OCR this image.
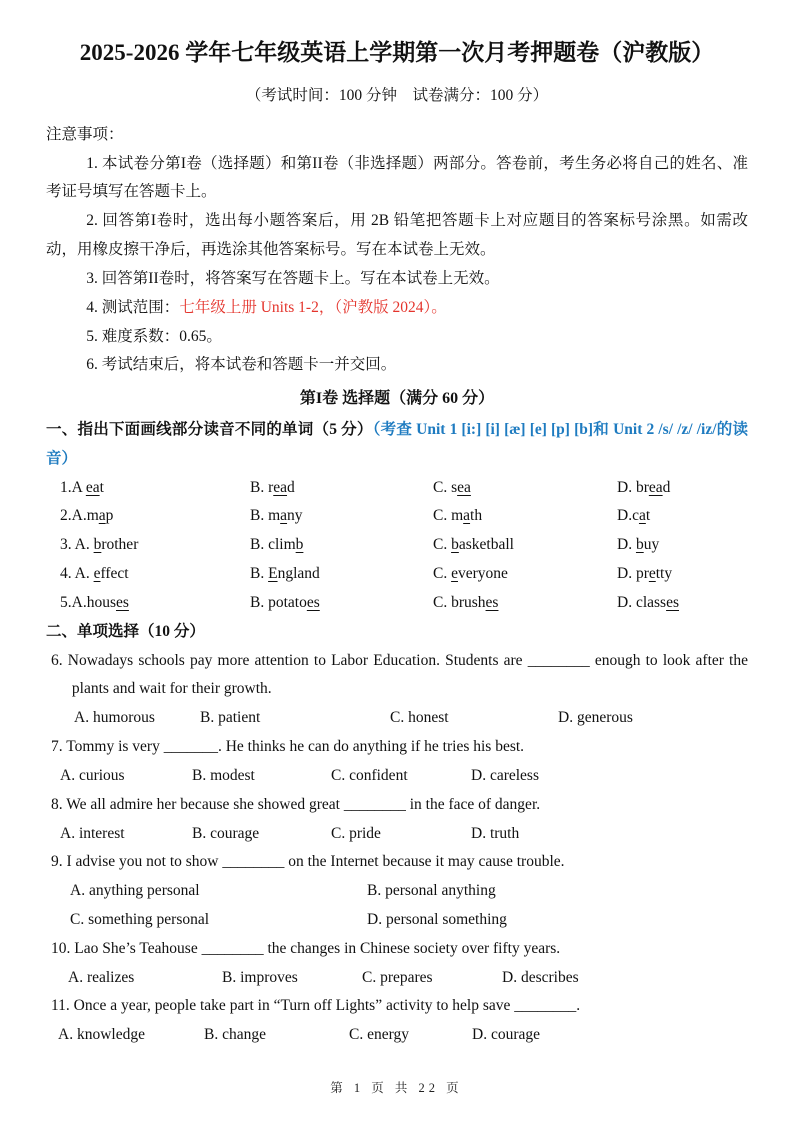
2025-2026 学年七年级英语上学期第一次月考押题卷（沪教版）

（考试时间：100 分钟　试卷满分：100 分）

注意事项：

1. 本试卷分第I卷（选择题）和第II卷（非选择题）两部分。答卷前，考生务必将自己的姓名、准考证号填写在答题卡上。

2. 回答第I卷时，选出每小题答案后，用 2B 铅笔把答题卡上对应题目的答案标号涂黑。如需改动，用橡皮擦干净后，再选涂其他答案标号。写在本试卷上无效。

3. 回答第II卷时，将答案写在答题卡上。写在本试卷上无效。

4. 测试范围：七年级上册 Units 1-2，（沪教版 2024）。

5. 难度系数：0.65。

6. 考试结束后，将本试卷和答题卡一并交回。

第I卷 选择题（满分 60 分）

一、指出下面画线部分读音不同的单词（5 分）（考查 Unit 1 [i:] [i] [æ] [e] [p] [b]和 Unit 2 /s/ /z/ /iz/的读音）

1.A eat	B. read	C. sea	D. bread
2.A.map	B. many	C. math	D.cat
3. A. brother	B. climb	C. basketball	D. buy
4. A. effect	B. England	C. everyone	D. pretty
5.A.houses	B. potatoes	C. brushes	D. classes

二、单项选择（10 分）

6. Nowadays schools pay more attention to Labor Education. Students are ________ enough to look after the plants and wait for their growth.

A. humorous	B. patient	C. honest	D. generous

7. Tommy is very _______. He thinks he can do anything if he tries his best.

A. curious	B. modest	C. confident	D. careless

8. We all admire her because she showed great ________ in the face of danger.

A. interest	B. courage	C. pride	D. truth

9. I advise you not to show ________ on the Internet because it may cause trouble.

A. anything personal	B. personal anything
C. something personal	D. personal something

10. Lao She’s Teahouse ________ the changes in Chinese society over fifty years.

A. realizes	B. improves	C. prepares	D. describes

11. Once a year, people take part in “Turn off Lights” activity to help save ________.

A. knowledge	B. change	C. energy	D. courage
第 1 页 共 22 页
